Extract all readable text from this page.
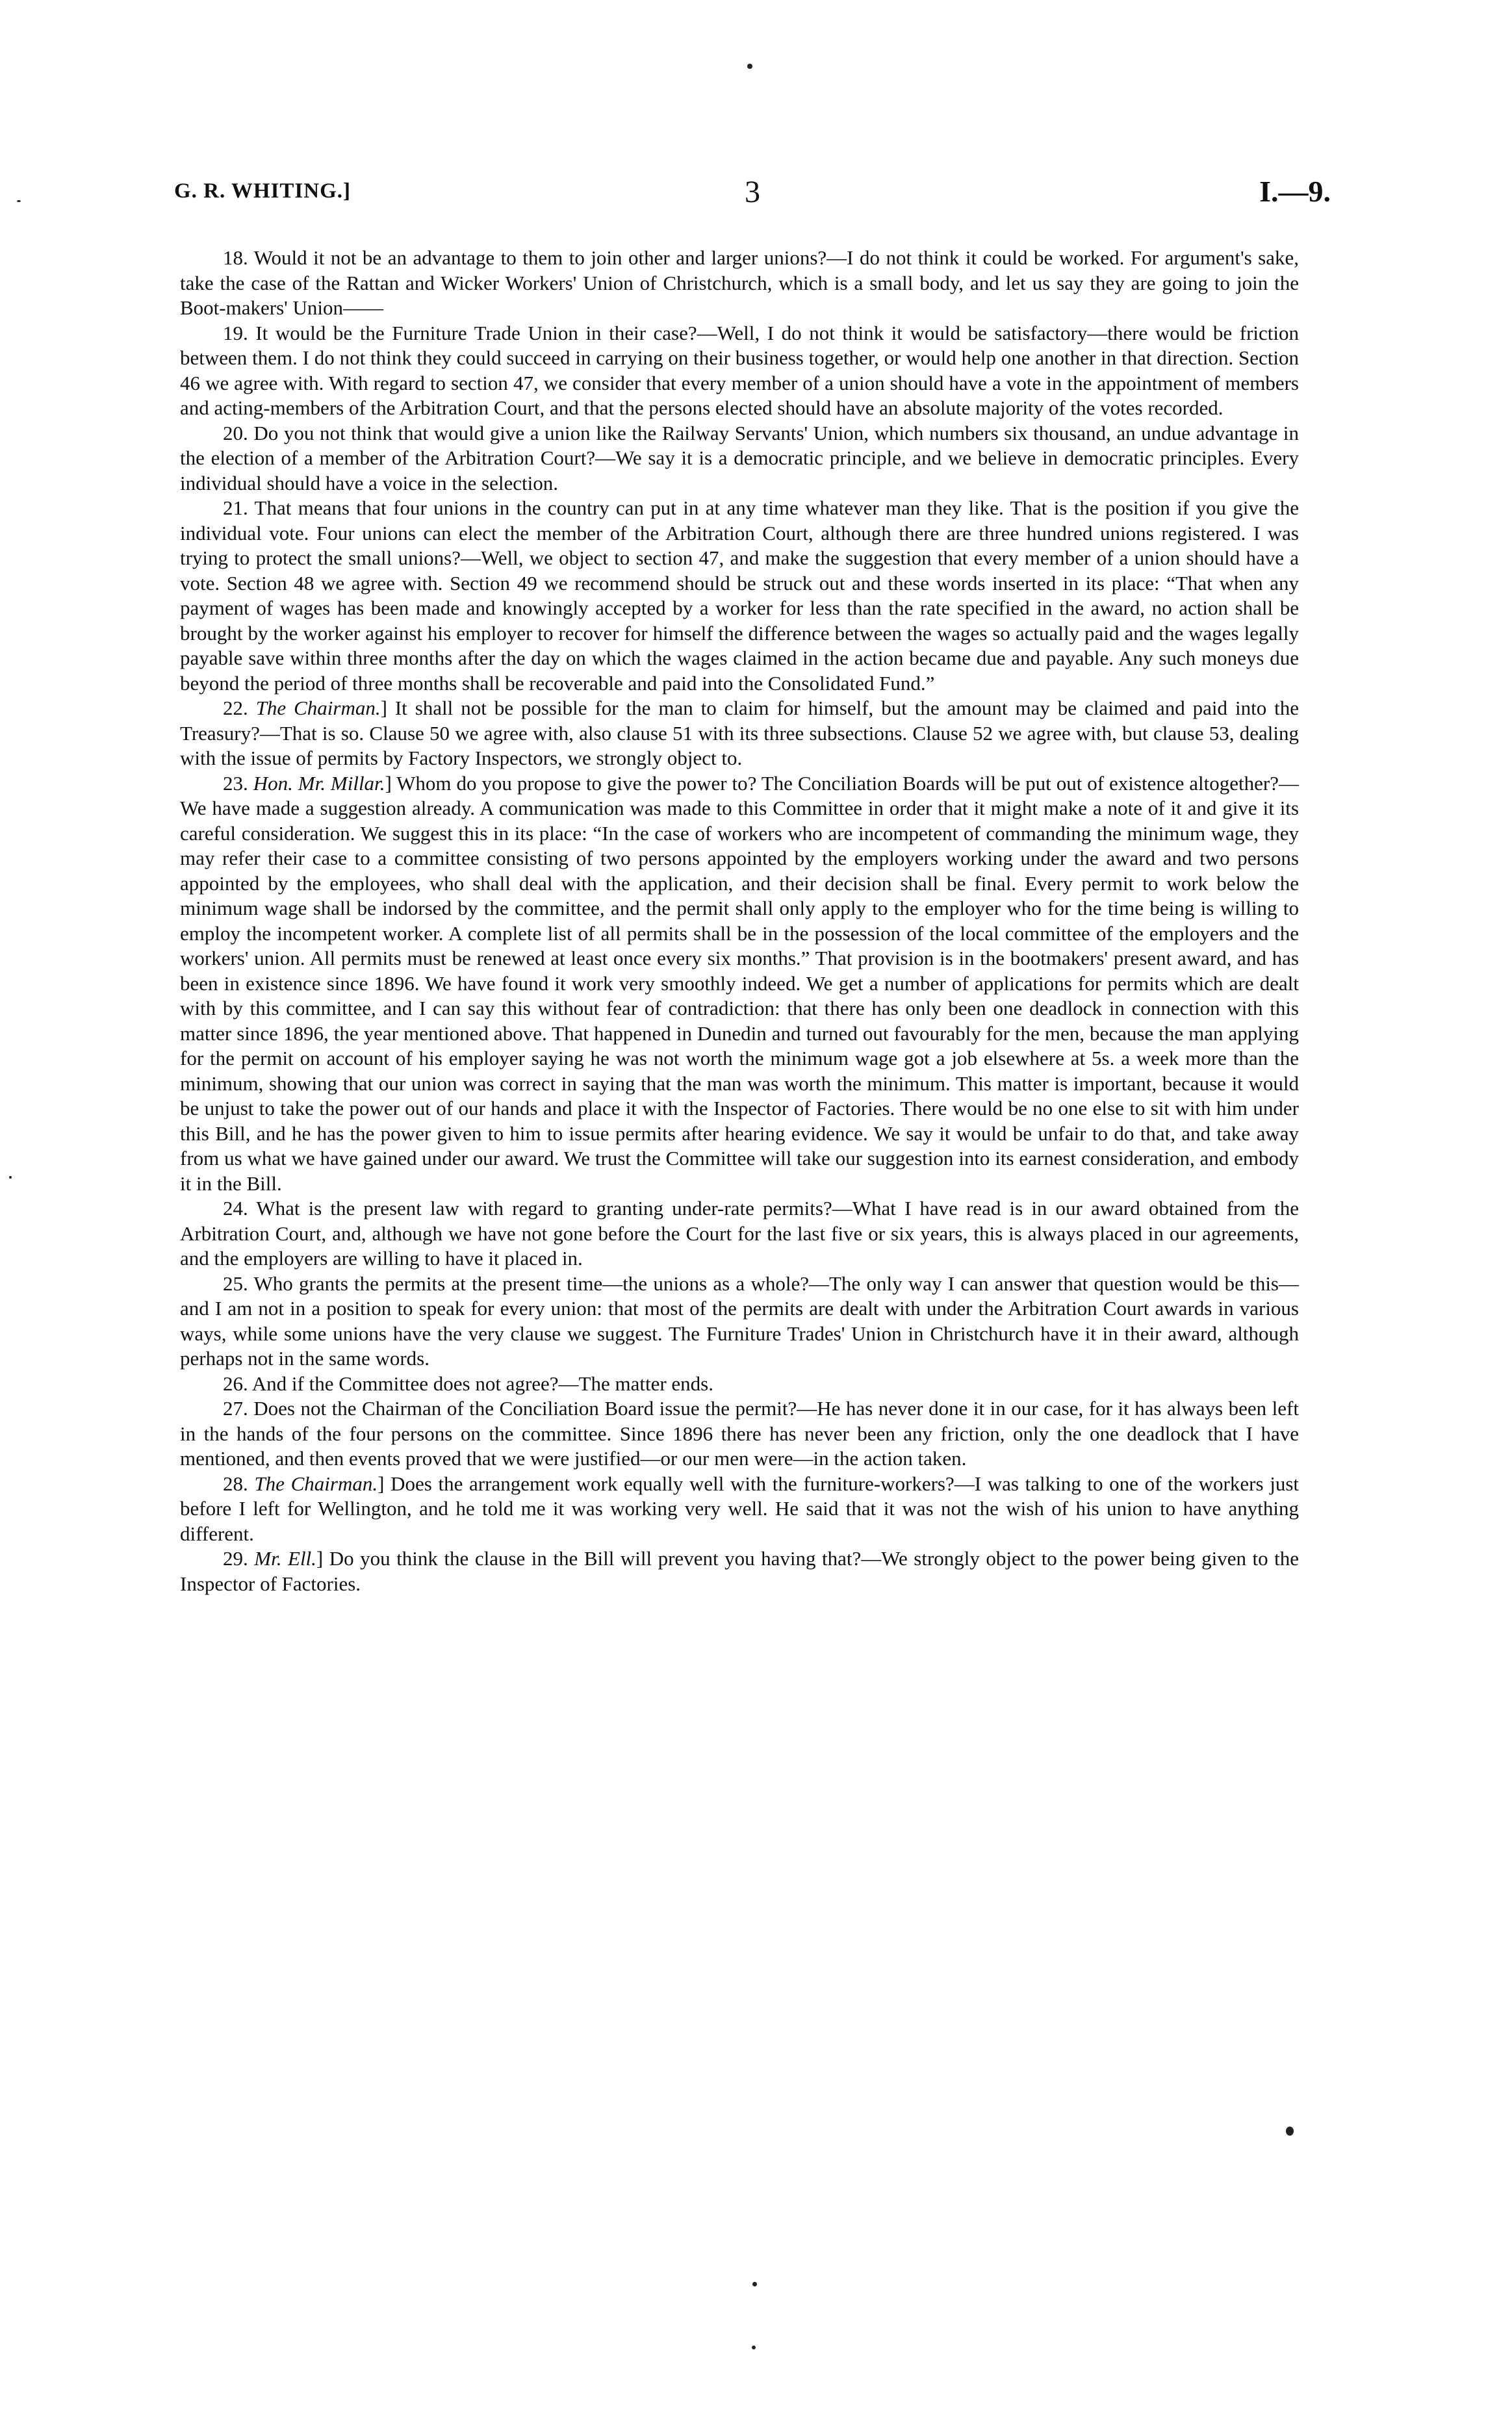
G. R. WHITING.]	3	I.—9.

18. Would it not be an advantage to them to join other and larger unions?—I do not think it could be worked. For argument's sake, take the case of the Rattan and Wicker Workers' Union of Christchurch, which is a small body, and let us say they are going to join the Boot-makers' Union——

19. It would be the Furniture Trade Union in their case?—Well, I do not think it would be satisfactory—there would be friction between them. I do not think they could succeed in carrying on their business together, or would help one another in that direction. Section 46 we agree with. With regard to section 47, we consider that every member of a union should have a vote in the appointment of members and acting-members of the Arbitration Court, and that the persons elected should have an absolute majority of the votes recorded.

20. Do you not think that would give a union like the Railway Servants' Union, which numbers six thousand, an undue advantage in the election of a member of the Arbitration Court?—We say it is a democratic principle, and we believe in democratic principles. Every individual should have a voice in the selection.

21. That means that four unions in the country can put in at any time whatever man they like. That is the position if you give the individual vote. Four unions can elect the member of the Arbitration Court, although there are three hundred unions registered. I was trying to protect the small unions?—Well, we object to section 47, and make the suggestion that every member of a union should have a vote. Section 48 we agree with. Section 49 we recommend should be struck out and these words inserted in its place: “That when any payment of wages has been made and knowingly accepted by a worker for less than the rate specified in the award, no action shall be brought by the worker against his employer to recover for himself the difference between the wages so actually paid and the wages legally payable save within three months after the day on which the wages claimed in the action became due and payable. Any such moneys due beyond the period of three months shall be recoverable and paid into the Consolidated Fund.”

22. The Chairman.] It shall not be possible for the man to claim for himself, but the amount may be claimed and paid into the Treasury?—That is so. Clause 50 we agree with, also clause 51 with its three subsections. Clause 52 we agree with, but clause 53, dealing with the issue of permits by Factory Inspectors, we strongly object to.

23. Hon. Mr. Millar.] Whom do you propose to give the power to? The Conciliation Boards will be put out of existence altogether?—We have made a suggestion already. A communication was made to this Committee in order that it might make a note of it and give it its careful consideration. We suggest this in its place: “In the case of workers who are incompetent of commanding the minimum wage, they may refer their case to a committee consisting of two persons appointed by the employers working under the award and two persons appointed by the employees, who shall deal with the application, and their decision shall be final. Every permit to work below the minimum wage shall be indorsed by the committee, and the permit shall only apply to the employer who for the time being is willing to employ the incompetent worker. A complete list of all permits shall be in the possession of the local committee of the employers and the workers' union. All permits must be renewed at least once every six months.” That provision is in the bootmakers' present award, and has been in existence since 1896. We have found it work very smoothly indeed. We get a number of applications for permits which are dealt with by this committee, and I can say this without fear of contradiction: that there has only been one deadlock in connection with this matter since 1896, the year mentioned above. That happened in Dunedin and turned out favourably for the men, because the man applying for the permit on account of his employer saying he was not worth the minimum wage got a job elsewhere at 5s. a week more than the minimum, showing that our union was correct in saying that the man was worth the minimum. This matter is important, because it would be unjust to take the power out of our hands and place it with the Inspector of Factories. There would be no one else to sit with him under this Bill, and he has the power given to him to issue permits after hearing evidence. We say it would be unfair to do that, and take away from us what we have gained under our award. We trust the Committee will take our suggestion into its earnest consideration, and embody it in the Bill.

24. What is the present law with regard to granting under-rate permits?—What I have read is in our award obtained from the Arbitration Court, and, although we have not gone before the Court for the last five or six years, this is always placed in our agreements, and the employers are willing to have it placed in.

25. Who grants the permits at the present time—the unions as a whole?—The only way I can answer that question would be this—and I am not in a position to speak for every union: that most of the permits are dealt with under the Arbitration Court awards in various ways, while some unions have the very clause we suggest. The Furniture Trades' Union in Christchurch have it in their award, although perhaps not in the same words.

26. And if the Committee does not agree?—The matter ends.

27. Does not the Chairman of the Conciliation Board issue the permit?—He has never done it in our case, for it has always been left in the hands of the four persons on the committee. Since 1896 there has never been any friction, only the one deadlock that I have mentioned, and then events proved that we were justified—or our men were—in the action taken.

28. The Chairman.] Does the arrangement work equally well with the furniture-workers?—I was talking to one of the workers just before I left for Wellington, and he told me it was working very well. He said that it was not the wish of his union to have anything different.

29. Mr. Ell.] Do you think the clause in the Bill will prevent you having that?—We strongly object to the power being given to the Inspector of Factories.
